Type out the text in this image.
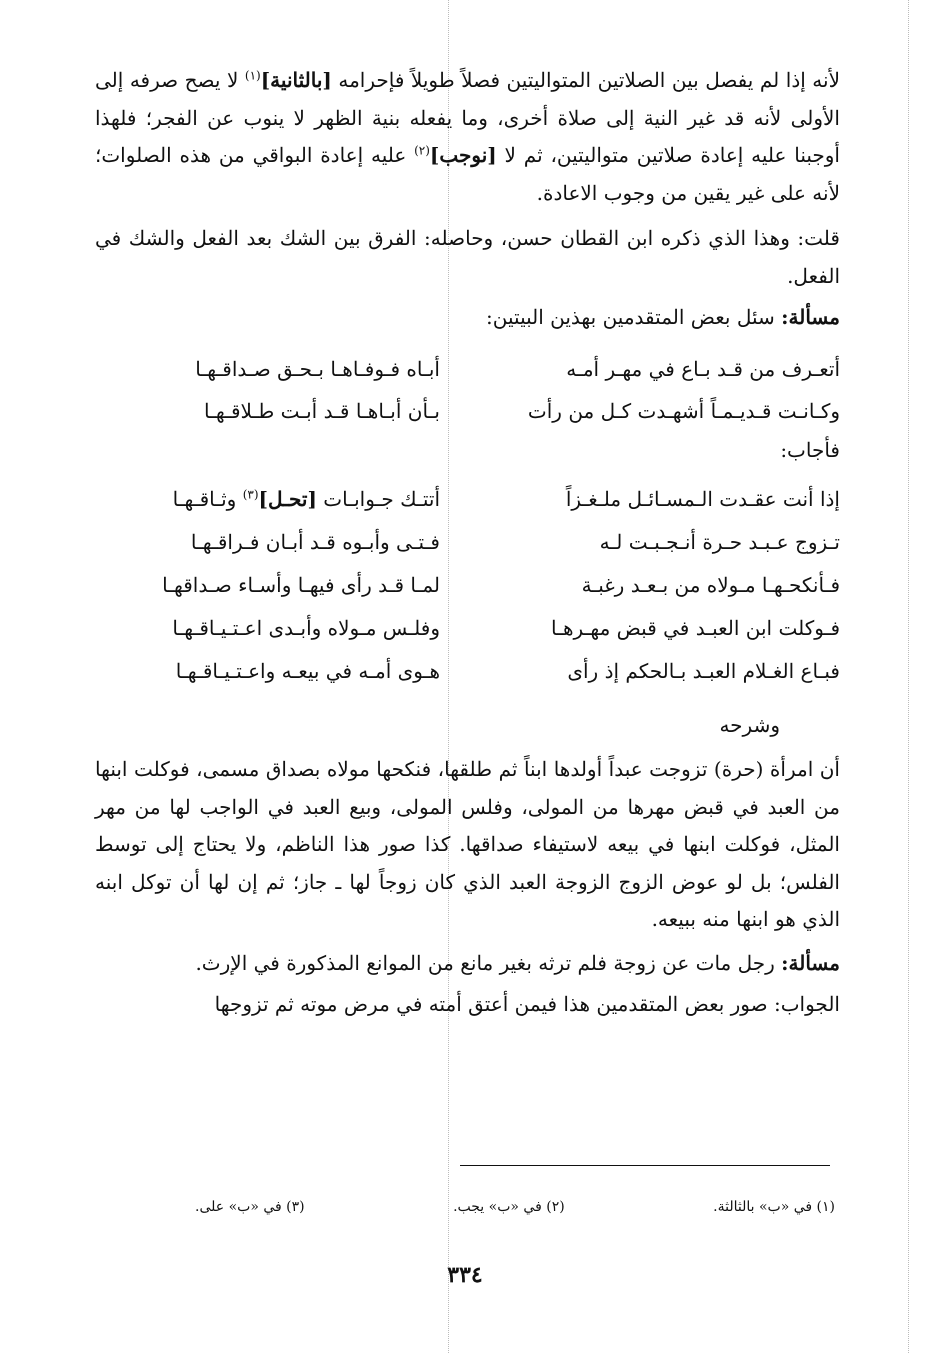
لأنه إذا لم يفصل بين الصلاتين المتواليتين فصلاً طويلاً فإحرامه [بالثانية]$^{(١)}$ لا يصح صرفه إلى الأولى لأنه قد غير النية إلى صلاة أخرى، وما يفعله بنية الظهر لا ينوب عن الفجر؛ فلهذا أوجبنا عليه إعادة صلاتين متواليتين، ثم لا [نوجب]$^{(٢)}$ عليه إعادة البواقي من هذه الصلوات؛ لأنه على غير يقين من وجوب الاعادة.
قلت: وهذا الذي ذكره ابن القطان حسن، وحاصله: الفرق بين الشك بعد الفعل والشك في الفعل.
مسألة: سئل بعض المتقدمين بهذين البيتين:
أتعـرف من قـد بـاع في مهـر أمـه
أبـاه فـوفـاهـا بـحـق صـداقـهـا
وكـانـت قـديـمـاً أشهـدت كـل من رأت
بـأن أبـاهـا قـد أبـت طـلاقـهـا
فأجاب:
إذا أنت عقـدت الـمسـائـل ملـغـزاً
أتتـك جـوابـات [تحـل]$^{(٣)}$ وثـاقـهـا
تـزوج عـبـد حـرة أنـجـبـت لـه
فـتـى وأبـوه قـد أبـان فـراقـهـا
فـأنكحـهـا مـولاه من بـعـد رغبـة
لمـا قـد رأى فيهـا وأسـاء صـداقهـا
فـوكلت ابن العبـد في قبض مهـرهـا
وفلـس مـولاه وأبـدى اعـتـيـاقـهـا
فبـاع الغـلام العبـد بـالحكم إذ رأى
هـوى أمـه في بيعـه واعـتـيـاقـهـا
وشرحه
أن امرأة (حرة) تزوجت عبداً أولدها ابناً ثم طلقها، فنكحها مولاه بصداق مسمى، فوكلت ابنها من العبد في قبض مهرها من المولى، وفلس المولى، وبيع العبد في الواجب لها من مهر المثل، فوكلت ابنها في بيعه لاستيفاء صداقها. كذا صور هذا الناظم، ولا يحتاج إلى توسط الفلس؛ بل لو عوض الزوج الزوجة العبد الذي كان زوجاً لها ـ جاز؛ ثم إن لها أن توكل ابنه الذي هو ابنها منه ببيعه.
مسألة: رجل مات عن زوجة فلم ترثه بغير مانع من الموانع المذكورة في الإرث.
الجواب: صور بعض المتقدمين هذا فيمن أعتق أمته في مرض موته ثم تزوجها
(١) في «ب» بالثالثة.
(٢) في «ب» يجب.
(٣) في «ب» على.
٣٣٤
